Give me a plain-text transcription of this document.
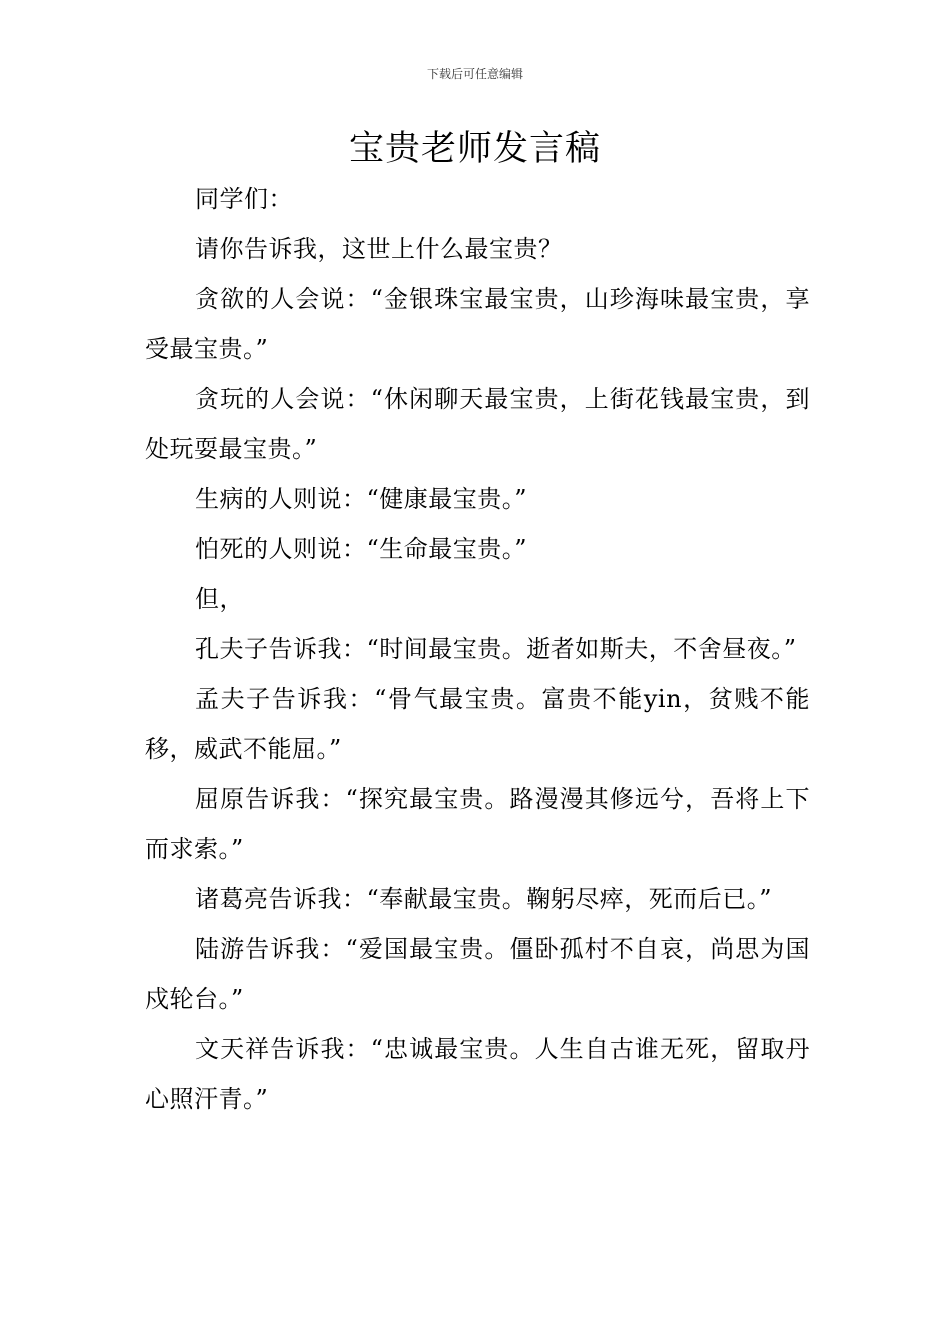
下载后可任意编辑
宝贵老师发言稿

同学们：

请你告诉我，这世上什么最宝贵？

贪欲的人会说：“金银珠宝最宝贵，山珍海味最宝贵，享受最宝贵。”

贪玩的人会说：“休闲聊天最宝贵，上街花钱最宝贵，到处玩耍最宝贵。”

生病的人则说：“健康最宝贵。”

怕死的人则说：“生命最宝贵。”

但，

孔夫子告诉我：“时间最宝贵。逝者如斯夫，不舍昼夜。”

孟夫子告诉我：“骨气最宝贵。富贵不能yin，贫贱不能移，威武不能屈。”

屈原告诉我：“探究最宝贵。路漫漫其修远兮，吾将上下而求索。”

诸葛亮告诉我：“奉献最宝贵。鞠躬尽瘁，死而后已。”

陆游告诉我：“爱国最宝贵。僵卧孤村不自哀，尚思为国戍轮台。”

文天祥告诉我：“忠诚最宝贵。人生自古谁无死，留取丹心照汗青。”
